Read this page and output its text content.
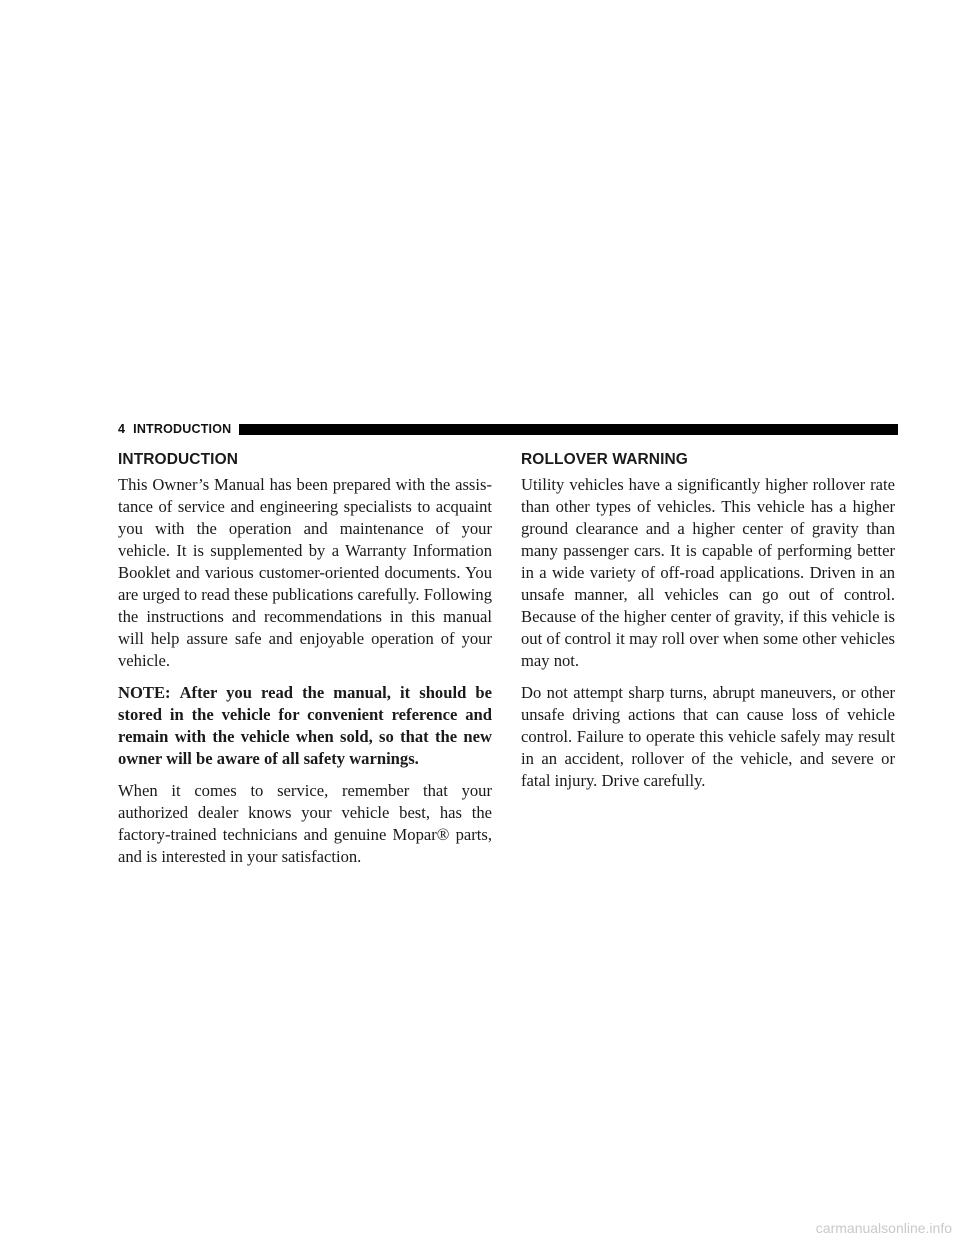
4 INTRODUCTION
INTRODUCTION

This Owner’s Manual has been prepared with the assis-tance of service and engineering specialists to acquaint you with the operation and maintenance of your vehicle. It is supplemented by a Warranty Information Booklet and various customer-oriented documents. You are urged to read these publications carefully. Following the instructions and recommendations in this manual will help assure safe and enjoyable operation of your vehicle.

NOTE: After you read the manual, it should be stored in the vehicle for convenient reference and remain with the vehicle when sold, so that the new owner will be aware of all safety warnings.

When it comes to service, remember that your authorized dealer knows your vehicle best, has the factory-trained technicians and genuine Mopar® parts, and is interested in your satisfaction.

ROLLOVER WARNING

Utility vehicles have a significantly higher rollover rate than other types of vehicles. This vehicle has a higher ground clearance and a higher center of gravity than many passenger cars. It is capable of performing better in a wide variety of off-road applications. Driven in an unsafe manner, all vehicles can go out of control. Because of the higher center of gravity, if this vehicle is out of control it may roll over when some other vehicles may not.

Do not attempt sharp turns, abrupt maneuvers, or other unsafe driving actions that can cause loss of vehicle control. Failure to operate this vehicle safely may result in an accident, rollover of the vehicle, and severe or fatal injury. Drive carefully.

carmanualsonline.info
